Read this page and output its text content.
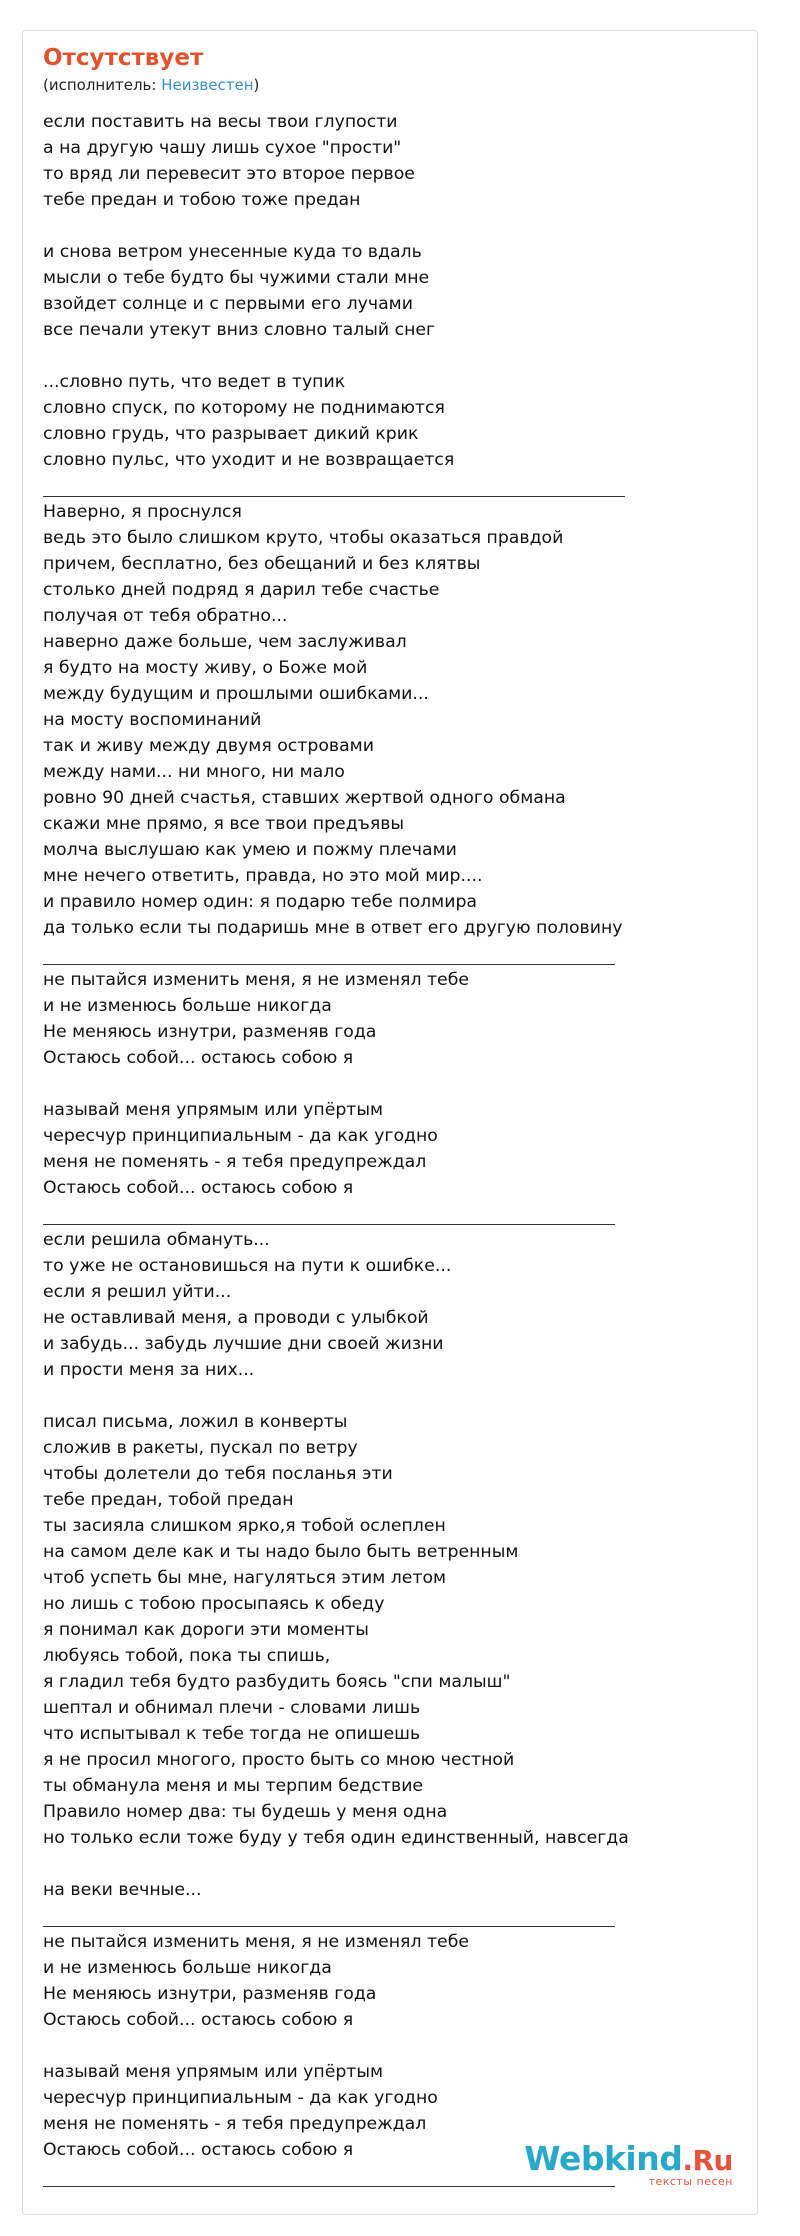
Отсутствует
(исполнитель: Неизвестен)
если поставить на весы твои глупости
а на другую чашу лишь сухое "прости"
то вряд ли перевесит это второе первое
тебе предан и тобою тоже предан
и снова ветром унесенные куда то вдаль
мысли о тебе будто бы чужими стали мне
взойдет солнце и с первыми его лучами
все печали утекут вниз словно талый снег
...словно путь, что ведет в тупик
словно спуск, по которому не поднимаются
словно грудь, что разрывает дикий крик
словно пульс, что уходит и не возвращается
Наверно, я проснулся
ведь это было слишком круто, чтобы оказаться правдой
причем, бесплатно, без обещаний и без клятвы
столько дней подряд я дарил тебе счастье
получая от тебя обратно...
наверно даже больше, чем заслуживал
я будто на мосту живу, о Боже мой
между будущим и прошлыми ошибками...
на мосту воспоминаний
так и живу между двумя островами
между нами... ни много, ни мало
ровно 90 дней счастья, ставших жертвой одного обмана
скажи мне прямо, я все твои предъявы
молча выслушаю как умею и пожму плечами
мне нечего ответить, правда, но это мой мир....
и правило номер один: я подарю тебе полмира
да только если ты подаришь мне в ответ его другую половину
не пытайся изменить меня, я не изменял тебе
и не изменюсь больше никогда
Не меняюсь изнутри, разменяв года
Остаюсь собой... остаюсь собою я
называй меня упрямым или упёртым
чересчур принципиальным - да как угодно
меня не поменять - я тебя предупреждал
Остаюсь собой... остаюсь собою я
если решила обмануть...
то уже не остановишься на пути к ошибке...
если я решил уйти...
не оставливай меня, а проводи с улыбкой
и забудь... забудь лучшие дни своей жизни
и прости меня за них...
писал письма, ложил в конверты
сложив в ракеты, пускал по ветру
чтобы долетели до тебя посланья эти
тебе предан, тобой предан
ты засияла слишком ярко,я тобой ослеплен
на самом деле как и ты надо было быть ветренным
чтоб успеть бы мне, нагуляться этим летом
но лишь с тобою просыпаясь к обеду
я понимал как дороги эти моменты
любуясь тобой, пока ты спишь,
я гладил тебя будто разбудить боясь "спи малыш"
шептал и обнимал плечи - словами лишь
что испытывал к тебе тогда не опишешь
я не просил многого, просто быть со мною честной
ты обманула меня и мы терпим бедствие
Правило номер два: ты будешь у меня одна
но только если тоже буду у тебя один единственный, навсегда
на веки вечные...
не пытайся изменить меня, я не изменял тебе
и не изменюсь больше никогда
Не меняюсь изнутри, разменяв года
Остаюсь собой... остаюсь собою я
называй меня упрямым или упёртым
чересчур принципиальным - да как угодно
меня не поменять - я тебя предупреждал
Остаюсь собой... остаюсь собою я	Webkind.Ru
тексты песен
